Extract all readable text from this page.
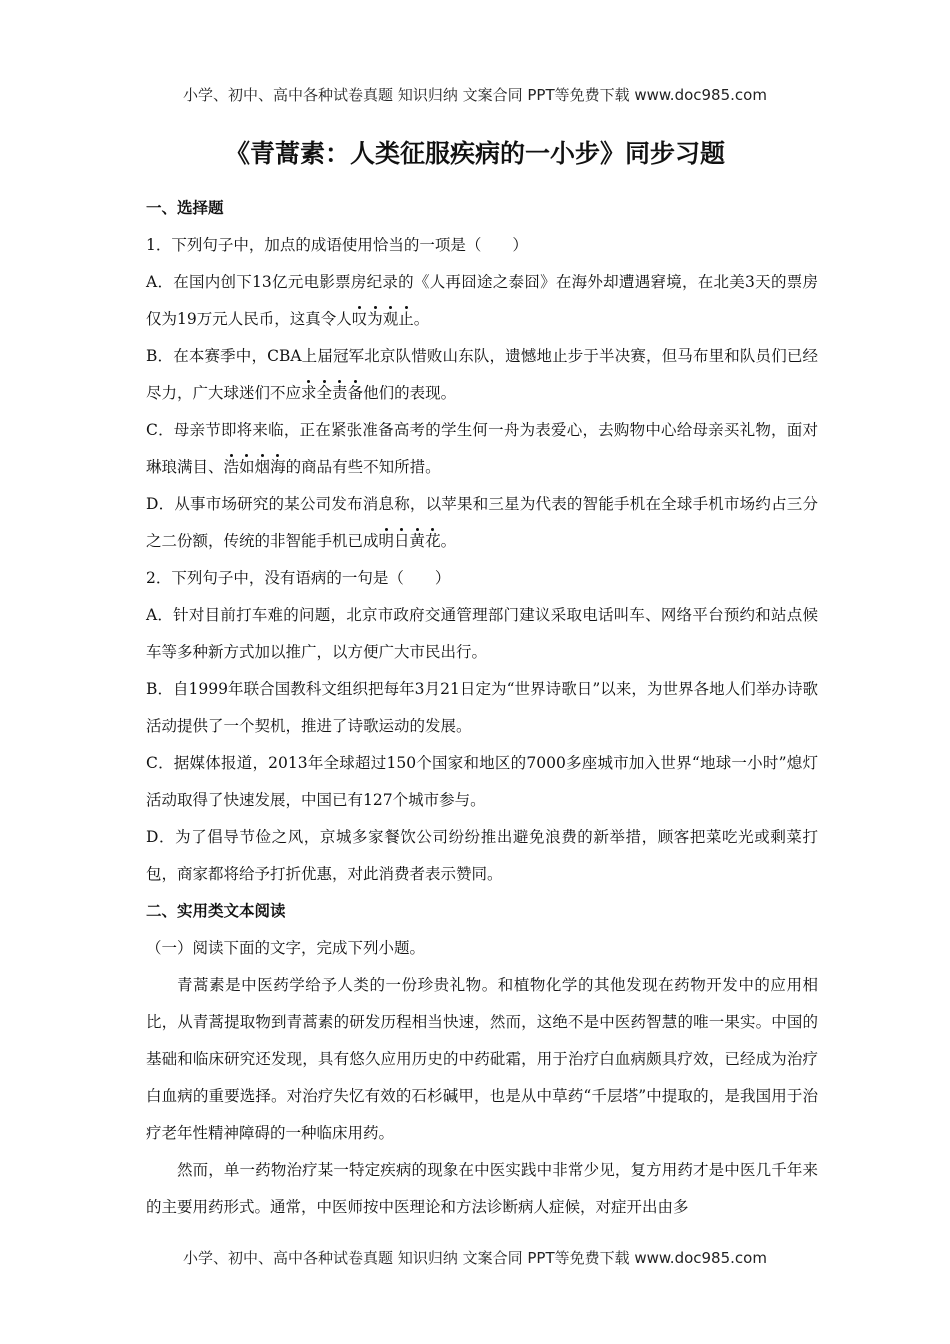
小学、初中、高中各种试卷真题 知识归纳 文案合同 PPT等免费下载 www.doc985.com
《青蒿素：人类征服疾病的一小步》同步习题
一、选择题

1．下列句子中，加点的成语使用恰当的一项是（　　）

A．在国内创下13亿元电影票房纪录的《人再囧途之泰囧》在海外却遭遇窘境，在北美3天的票房仅为19万元人民币，这真令人叹为观止。

B．在本赛季中，CBA上届冠军北京队惜败山东队，遗憾地止步于半决赛，但马布里和队员们已经尽力，广大球迷们不应求全责备他们的表现。

C．母亲节即将来临，正在紧张准备高考的学生何一舟为表爱心，去购物中心给母亲买礼物，面对琳琅满目、浩如烟海的商品有些不知所措。

D．从事市场研究的某公司发布消息称，以苹果和三星为代表的智能手机在全球手机市场约占三分之二份额，传统的非智能手机已成明日黄花。

2．下列句子中，没有语病的一句是（　　）

A．针对目前打车难的问题，北京市政府交通管理部门建议采取电话叫车、网络平台预约和站点候车等多种新方式加以推广，以方便广大市民出行。

B．自1999年联合国教科文组织把每年3月21日定为“世界诗歌日”以来，为世界各地人们举办诗歌活动提供了一个契机，推进了诗歌运动的发展。

C．据媒体报道，2013年全球超过150个国家和地区的7000多座城市加入世界“地球一小时”熄灯活动取得了快速发展，中国已有127个城市参与。

D．为了倡导节俭之风，京城多家餐饮公司纷纷推出避免浪费的新举措，顾客把菜吃光或剩菜打包，商家都将给予打折优惠，对此消费者表示赞同。

二、实用类文本阅读

（一）阅读下面的文字，完成下列小题。

青蒿素是中医药学给予人类的一份珍贵礼物。和植物化学的其他发现在药物开发中的应用相比，从青蒿提取物到青蒿素的研发历程相当快速，然而，这绝不是中医药智慧的唯一果实。中国的基础和临床研究还发现，具有悠久应用历史的中药砒霜，用于治疗白血病颇具疗效，已经成为治疗白血病的重要选择。对治疗失忆有效的石杉碱甲，也是从中草药“千层塔”中提取的，是我国用于治疗老年性精神障碍的一种临床用药。

然而，单一药物治疗某一特定疾病的现象在中医实践中非常少见，复方用药才是中医几千年来的主要用药形式。通常，中医师按中医理论和方法诊断病人症候，对症开出由多

小学、初中、高中各种试卷真题 知识归纳 文案合同 PPT等免费下载 www.doc985.com
